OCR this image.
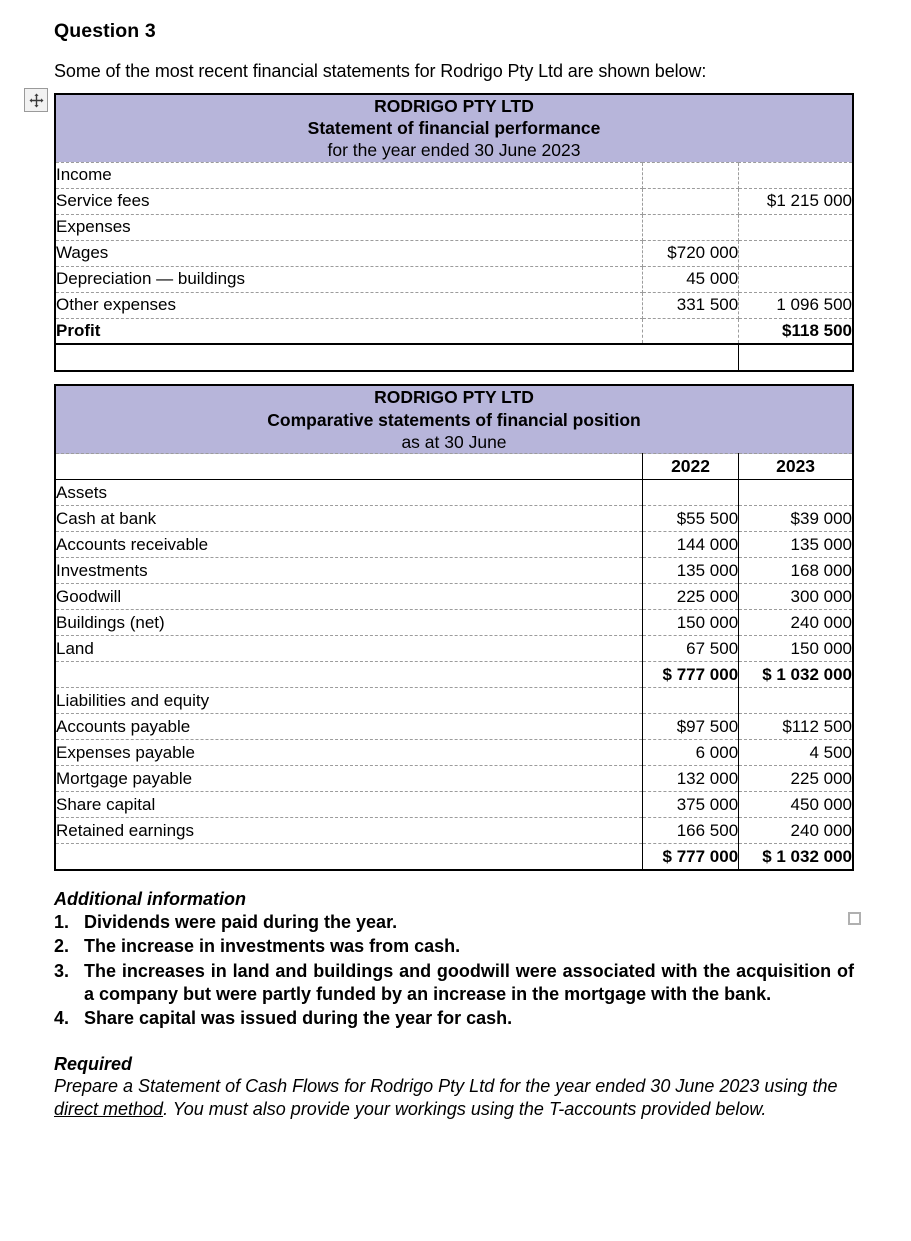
Question 3

Some of the most recent financial statements for Rodrigo Pty Ltd are shown below:

RODRIGO PTY LTD
Statement of financial performance
for the year ended 30 June 2023		

Income		
Service fees		$1 215 000
Expenses		
Wages	$720 000	
Depreciation — buildings	45 000	
Other expenses	331 500	1 096 500
Profit		$118 500

RODRIGO PTY LTD
Comparative statements of financial position
as at 30 June		

	2022	2023
Assets		
Cash at bank	$55 500	$39 000
Accounts receivable	144 000	135 000
Investments	135 000	168 000
Goodwill	225 000	300 000
Buildings (net)	150 000	240 000
Land	67 500	150 000
	$ 777 000	$ 1 032 000
Liabilities and equity		
Accounts payable	$97 500	$112 500
Expenses payable	6 000	4 500
Mortgage payable	132 000	225 000
Share capital	375 000	450 000
Retained earnings	166 500	240 000
	$ 777 000	$ 1 032 000
Additional information
1. Dividends were paid during the year.
2. The increase in investments was from cash.
3. The increases in land and buildings and goodwill were associated with the acquisition of a company but were partly funded by an increase in the mortgage with the bank.
4. Share capital was issued during the year for cash.
Required
Prepare a Statement of Cash Flows for Rodrigo Pty Ltd for the year ended 30 June 2023 using the direct method. You must also provide your workings using the T-accounts provided below.
